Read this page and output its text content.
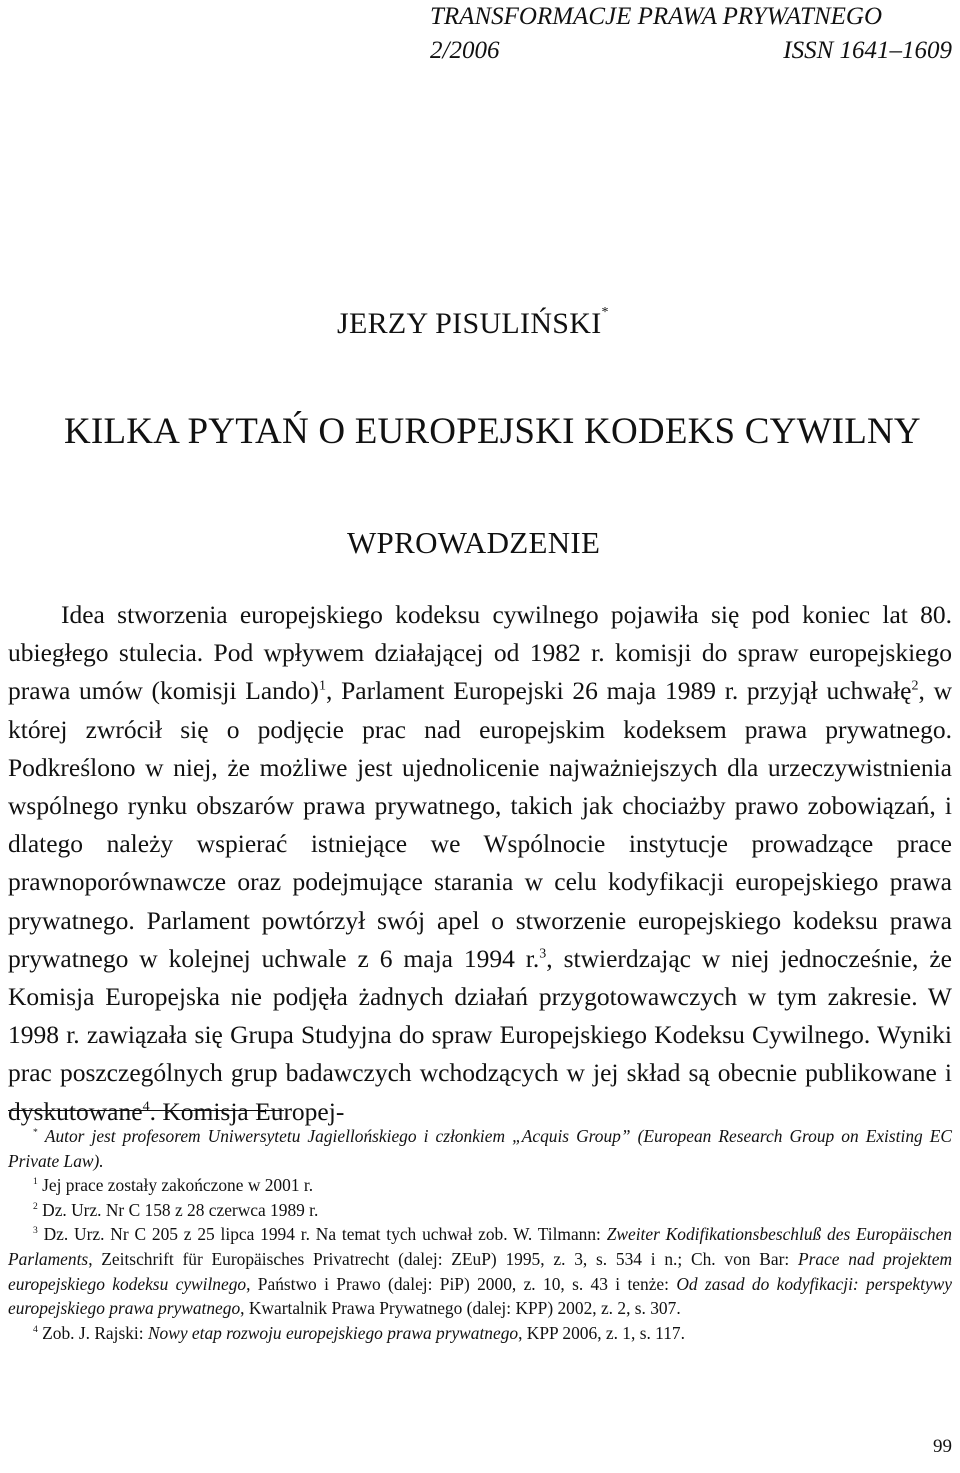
TRANSFORMACJE PRAWA PRYWATNEGO
2/2006	ISSN 1641–1609
JERZY PISULIŃSKI*
KILKA PYTAŃ O EUROPEJSKI KODEKS CYWILNY
WPROWADZENIE

Idea stworzenia europejskiego kodeksu cywilnego pojawiła się pod koniec lat 80. ubiegłego stulecia. Pod wpływem działającej od 1982 r. komisji do spraw europejskiego prawa umów (komisji Lando)$^1$, Parlament Europejski 26 maja 1989 r. przyjął uchwałę$^2$, w której zwrócił się o podjęcie prac nad europejskim kodeksem prawa prywatnego. Podkreślono w niej, że możliwe jest ujednolicenie najważniejszych dla urzeczywistnienia wspólnego rynku obszarów prawa prywatnego, takich jak chociażby prawo zobowiązań, i dlatego należy wspierać istniejące we Wspólnocie instytucje prowadzące prace prawnoporównawcze oraz podejmujące starania w celu kodyfikacji europejskiego prawa prywatnego. Parlament powtórzył swój apel o stworzenie europejskiego kodeksu prawa prywatnego w kolejnej uchwale z 6 maja 1994 r.$^3$, stwierdzając w niej jednocześnie, że Komisja Europejska nie podjęła żadnych działań przygotowawczych w tym zakresie. W 1998 r. zawiązała się Grupa Studyjna do spraw Europejskiego Kodeksu Cywilnego. Wyniki prac poszczególnych grup badawczych wchodzących w jej skład są obecnie publikowane i dyskutowane$^4$. Komisja Europej-

* Autor jest profesorem Uniwersytetu Jagiellońskiego i członkiem „Acquis Group” (European Research Group on Existing EC Private Law).

$^1$ Jej prace zostały zakończone w 2001 r.

$^2$ Dz. Urz. Nr C 158 z 28 czerwca 1989 r.

$^3$ Dz. Urz. Nr C 205 z 25 lipca 1994 r. Na temat tych uchwał zob. W. Tilmann: Zweiter Kodifikationsbeschluß des Europäischen Parlaments, Zeitschrift für Europäisches Privatrecht (dalej: ZEuP) 1995, z. 3, s. 534 i n.; Ch. von Bar: Prace nad projektem europejskiego kodeksu cywilnego, Państwo i Prawo (dalej: PiP) 2000, z. 10, s. 43 i tenże: Od zasad do kodyfikacji: perspektywy europejskiego prawa prywatnego, Kwartalnik Prawa Prywatnego (dalej: KPP) 2002, z. 2, s. 307.

$^4$ Zob. J. Rajski: Nowy etap rozwoju europejskiego prawa prywatnego, KPP 2006, z. 1, s. 117.

99
